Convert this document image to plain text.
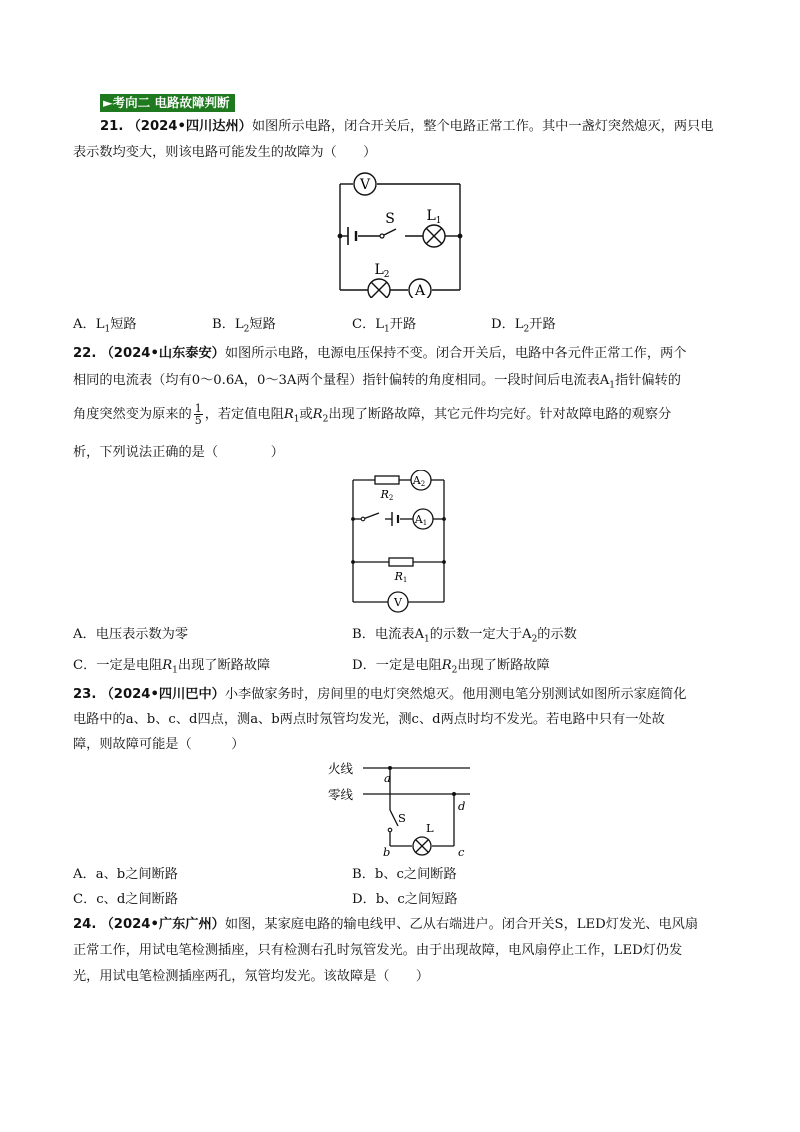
►考向二 电路故障判断
21. （2024•四川达州）如图所示电路，闭合开关后，整个电路正常工作。其中一盏灯突然熄灭，两只电
表示数均变大，则该电路可能发生的故障为（　　）
V
$L_1$
S
$L_2$
A
A．$L_1$短路	B．$L_2$短路	C．$L_1$开路	D．$L_2$开路
22. （2024•山东泰安）如图所示电路，电源电压保持不变。闭合开关后，电路中各元件正常工作，两个
相同的电流表（均有0～0.6A，0～3A两个量程）指针偏转的角度相同。一段时间后电流表$A_1$指针偏转的
角度突然变为原来的 $\frac{1}{5}$ ，若定值电阻$R_1$或$R_2$出现了断路故障，其它元件均完好。针对故障电路的观察分
析，下列说法正确的是（　　　　）
A2
R2
A1
R1
V
A．电压表示数为零	B．电流表$A_1$的示数一定大于$A_2$的示数
C．一定是电阻$R_1$出现了断路故障	D．一定是电阻$R_2$出现了断路故障
23. （2024•四川巴中）小李做家务时，房间里的电灯突然熄灭。他用测电笔分别测试如图所示家庭简化
电路中的a、b、c、d四点，测a、b两点时氖管均发光，测c、d两点时均不发光。若电路中只有一处故
障，则故障可能是（　　　）
火线
零线
a
d
S
L
b	c
A．a、b之间断路	B．b、c之间断路
C．c、d之间断路	D．b、c之间短路
24. （2024•广东广州）如图，某家庭电路的输电线甲、乙从右端进户。闭合开关S，LED灯发光、电风扇
正常工作，用试电笔检测插座，只有检测右孔时氖管发光。由于出现故障，电风扇停止工作，LED灯仍发
光，用试电笔检测插座两孔，氖管均发光。该故障是（　　）
